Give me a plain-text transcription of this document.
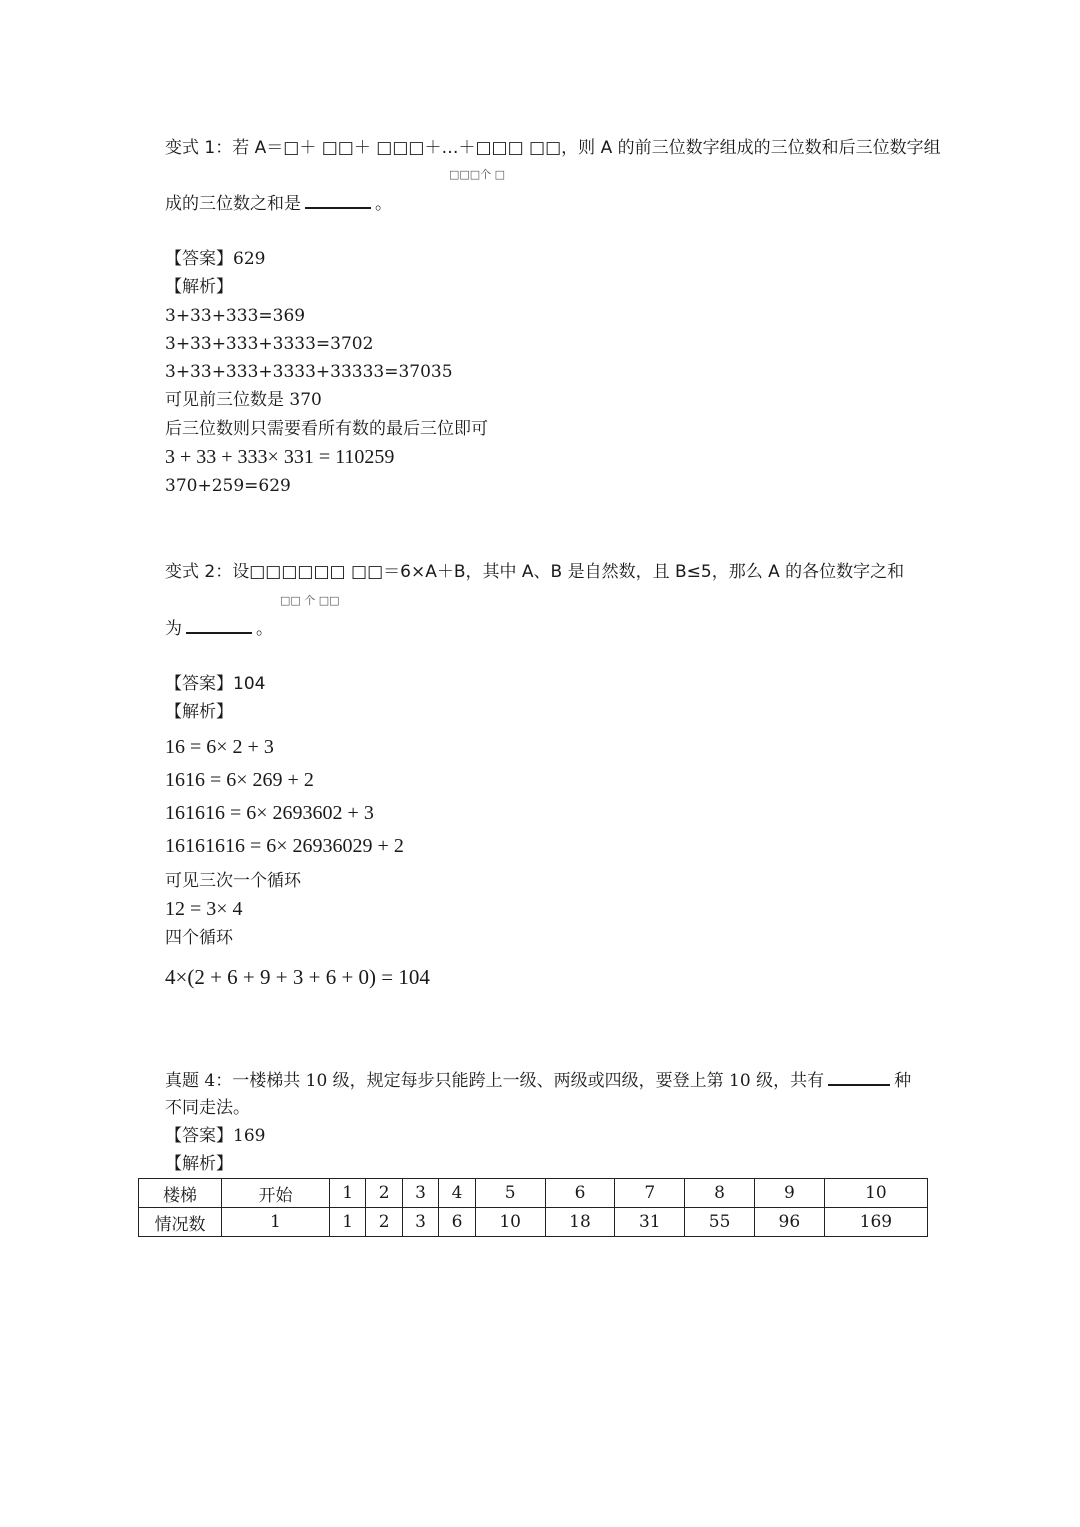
变式 1：若 A＝□＋ □□＋ □□□＋…＋□□□ □□，则 A 的前三位数字组成的三位数和后三位数字组
□□□个 □
成的三位数之和是	。
【答案】629
【解析】
3+33+333=369
3+33+333+3333=3702
3+33+333+3333+33333=37035
可见前三位数是 370
后三位数则只需要看所有数的最后三位即可
3 + 33 + 333× 331 = 110259
370+259=629
变式 2：设□□□□□□ □□＝6×A＋B，其中 A、B 是自然数，且 B≤5，那么 A 的各位数字之和
□□ 个 □□
为	。
【答案】104
【解析】
16 = 6× 2 + 3
1616 = 6× 269 + 2
161616 = 6× 2693602 + 3
16161616 = 6× 26936029 + 2
可见三次一个循环
12 = 3× 4
四个循环
4×(2 + 6 + 9 + 3 + 6 + 0) = 104
真题 4：一楼梯共 10 级，规定每步只能跨上一级、两级或四级，要登上第 10 级，共有	种
不同走法。
【答案】169
【解析】
楼梯	开始	1	2	3	4	5	6	7	8	9	10
情况数	1	1	2	3	6	10	18	31	55	96	169
